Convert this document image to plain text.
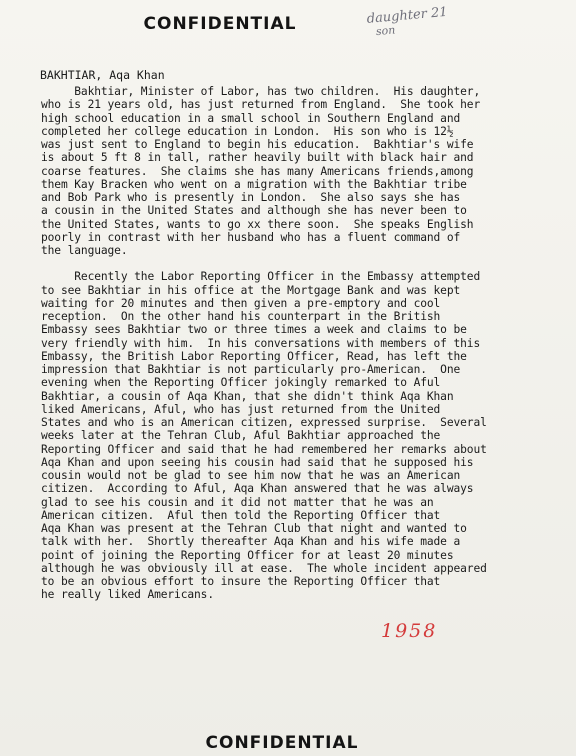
CONFIDENTIAL	daughter 21
son
BAKHTIAR, Aqa Khan
Bakhtiar, Minister of Labor, has two children.  His daughter,
who is 21 years old, has just returned from England.  She took her
high school education in a small school in Southern England and
completed her college education in London.  His son who is 12½
was just sent to England to begin his education.  Bakhtiar's wife
is about 5 ft 8 in tall, rather heavily built with black hair and
coarse features.  She claims she has many Americans friends,among
them Kay Bracken who went on a migration with the Bakhtiar tribe
and Bob Park who is presently in London.  She also says she has
a cousin in the United States and although she has never been to
the United States, wants to go xx there soon.  She speaks English
poorly in contrast with her husband who has a fluent command of
the language.
Recently the Labor Reporting Officer in the Embassy attempted
to see Bakhtiar in his office at the Mortgage Bank and was kept
waiting for 20 minutes and then given a pre-emptory and cool
reception.  On the other hand his counterpart in the British
Embassy sees Bakhtiar two or three times a week and claims to be
very friendly with him.  In his conversations with members of this
Embassy, the British Labor Reporting Officer, Read, has left the
impression that Bakhtiar is not particularly pro-American.  One
evening when the Reporting Officer jokingly remarked to Aful
Bakhtiar, a cousin of Aqa Khan, that she didn't think Aqa Khan
liked Americans, Aful, who has just returned from the United
States and who is an American citizen, expressed surprise.  Several
weeks later at the Tehran Club, Aful Bakhtiar approached the
Reporting Officer and said that he had remembered her remarks about
Aqa Khan and upon seeing his cousin had said that he supposed his
cousin would not be glad to see him now that he was an American
citizen.  According to Aful, Aqa Khan answered that he was always
glad to see his cousin and it did not matter that he was an
American citizen.  Aful then told the Reporting Officer that
Aqa Khan was present at the Tehran Club that night and wanted to
talk with her.  Shortly thereafter Aqa Khan and his wife made a
point of joining the Reporting Officer for at least 20 minutes
although he was obviously ill at ease.  The whole incident appeared
to be an obvious effort to insure the Reporting Officer that
he really liked Americans.
1958
CONFIDENTIAL
